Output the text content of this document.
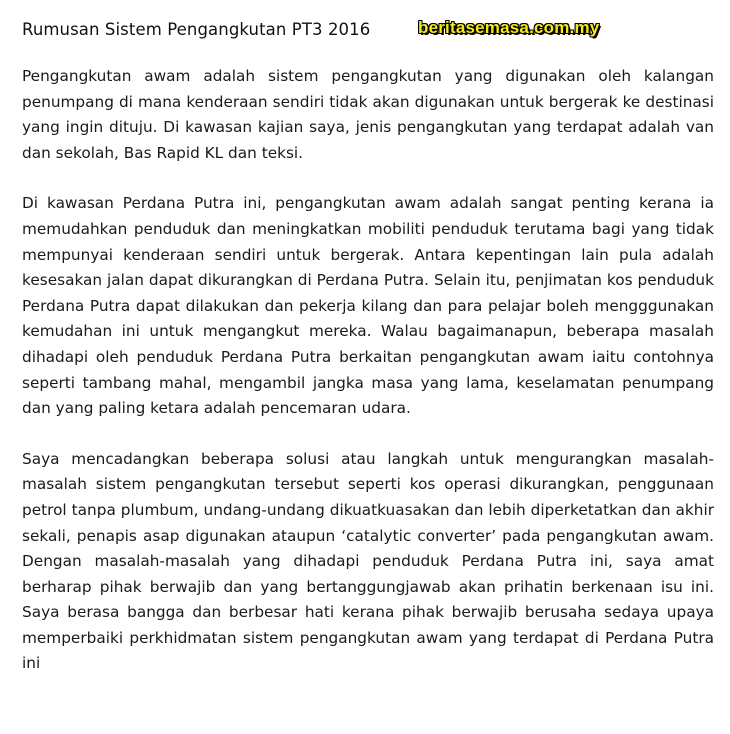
Rumusan Sistem Pengangkutan PT3 2016	beritasemasa.com.my

Pengangkutan awam adalah sistem pengangkutan yang digunakan oleh kalangan penumpang di mana kenderaan sendiri tidak akan digunakan untuk bergerak ke destinasi yang ingin dituju. Di kawasan kajian saya, jenis pengangkutan yang terdapat adalah van dan sekolah, Bas Rapid KL dan teksi.

Di kawasan Perdana Putra ini, pengangkutan awam adalah sangat penting kerana ia memudahkan penduduk dan meningkatkan mobiliti penduduk terutama bagi yang tidak mempunyai kenderaan sendiri untuk bergerak. Antara kepentingan lain pula adalah kesesakan jalan dapat dikurangkan di Perdana Putra. Selain itu, penjimatan kos penduduk Perdana Putra dapat dilakukan dan pekerja kilang dan para pelajar boleh mengggunakan kemudahan ini untuk mengangkut mereka. Walau bagaimanapun, beberapa masalah dihadapi oleh penduduk Perdana Putra berkaitan pengangkutan awam iaitu contohnya seperti tambang mahal, mengambil jangka masa yang lama, keselamatan penumpang dan yang paling ketara adalah pencemaran udara.

Saya mencadangkan beberapa solusi atau langkah untuk mengurangkan masalah-masalah sistem pengangkutan tersebut seperti kos operasi dikurangkan, penggunaan petrol tanpa plumbum, undang-undang dikuatkuasakan dan lebih diperketatkan dan akhir sekali, penapis asap digunakan ataupun ‘catalytic converter’ pada pengangkutan awam. Dengan masalah-masalah yang dihadapi penduduk Perdana Putra ini, saya amat berharap pihak berwajib dan yang bertanggungjawab akan prihatin berkenaan isu ini. Saya berasa bangga dan berbesar hati kerana pihak berwajib berusaha sedaya upaya memperbaiki perkhidmatan sistem pengangkutan awam yang terdapat di Perdana Putra ini
